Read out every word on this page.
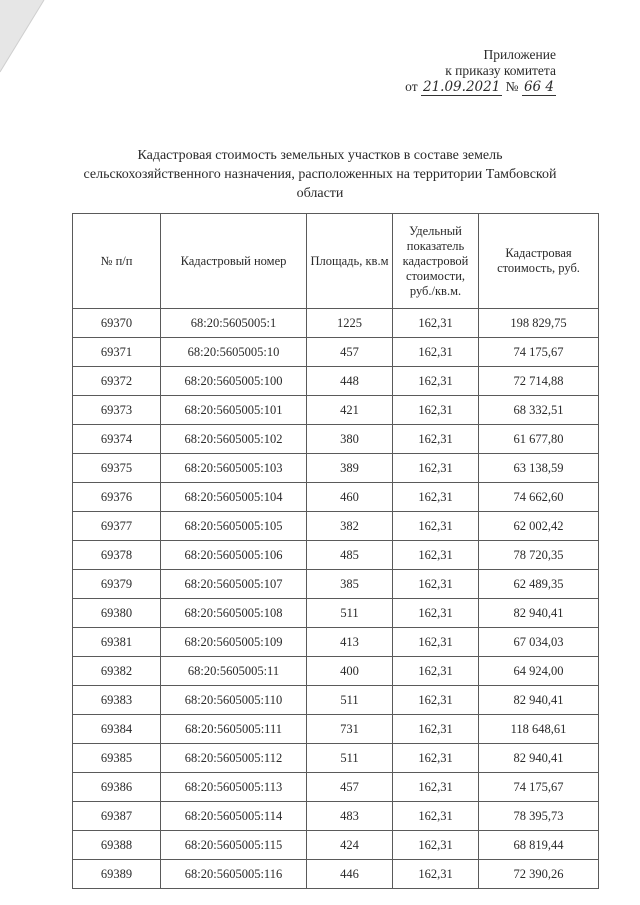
Приложение
к приказу комитета
от 21.09.2021 № 66 4
Кадастровая стоимость земельных участков в составе земель сельскохозяйственного назначения, расположенных на территории Тамбовской области
№ п/п	Кадастровый номер	Площадь, кв.м	Удельный показатель кадастровой стоимости, руб./кв.м.	Кадастровая стоимость, руб.
69370	68:20:5605005:1	1225	162,31	198 829,75
69371	68:20:5605005:10	457	162,31	74 175,67
69372	68:20:5605005:100	448	162,31	72 714,88
69373	68:20:5605005:101	421	162,31	68 332,51
69374	68:20:5605005:102	380	162,31	61 677,80
69375	68:20:5605005:103	389	162,31	63 138,59
69376	68:20:5605005:104	460	162,31	74 662,60
69377	68:20:5605005:105	382	162,31	62 002,42
69378	68:20:5605005:106	485	162,31	78 720,35
69379	68:20:5605005:107	385	162,31	62 489,35
69380	68:20:5605005:108	511	162,31	82 940,41
69381	68:20:5605005:109	413	162,31	67 034,03
69382	68:20:5605005:11	400	162,31	64 924,00
69383	68:20:5605005:110	511	162,31	82 940,41
69384	68:20:5605005:111	731	162,31	118 648,61
69385	68:20:5605005:112	511	162,31	82 940,41
69386	68:20:5605005:113	457	162,31	74 175,67
69387	68:20:5605005:114	483	162,31	78 395,73
69388	68:20:5605005:115	424	162,31	68 819,44
69389	68:20:5605005:116	446	162,31	72 390,26
